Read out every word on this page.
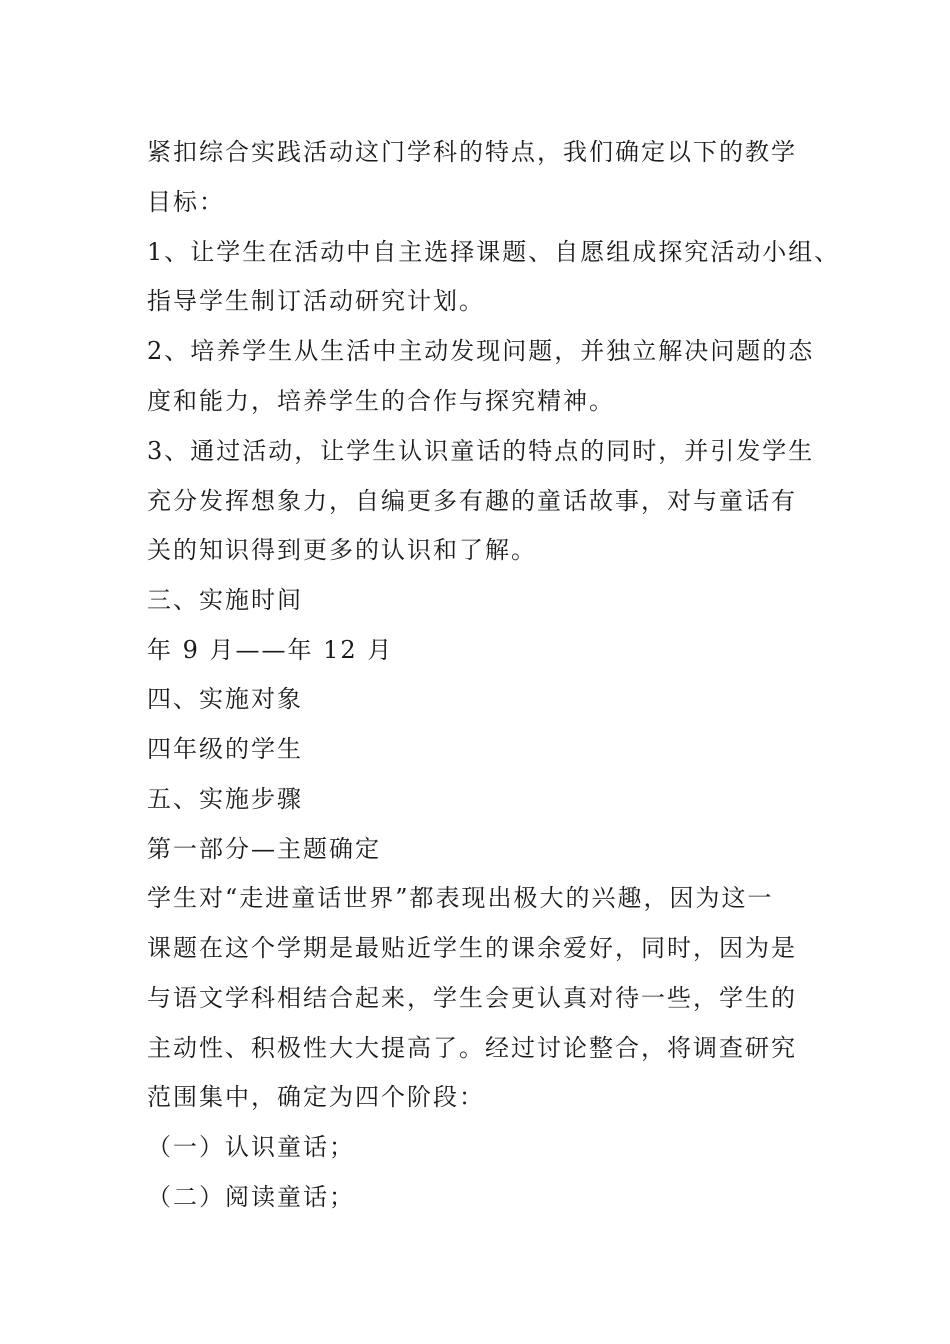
紧扣综合实践活动这门学科的特点，我们确定以下的教学
目标：
1、让学生在活动中自主选择课题、自愿组成探究活动小组、
指导学生制订活动研究计划。
2、培养学生从生活中主动发现问题，并独立解决问题的态
度和能力，培养学生的合作与探究精神。
3、通过活动，让学生认识童话的特点的同时，并引发学生
充分发挥想象力，自编更多有趣的童话故事，对与童话有
关的知识得到更多的认识和了解。
三、实施时间
年 9 月——年 12 月
四、实施对象
四年级的学生
五、实施步骤
第一部分—主题确定
学生对“走进童话世界”都表现出极大的兴趣，因为这一
课题在这个学期是最贴近学生的课余爱好，同时，因为是
与语文学科相结合起来，学生会更认真对待一些，学生的
主动性、积极性大大提高了。经过讨论整合，将调查研究
范围集中，确定为四个阶段：
（一）认识童话；
（二）阅读童话；
